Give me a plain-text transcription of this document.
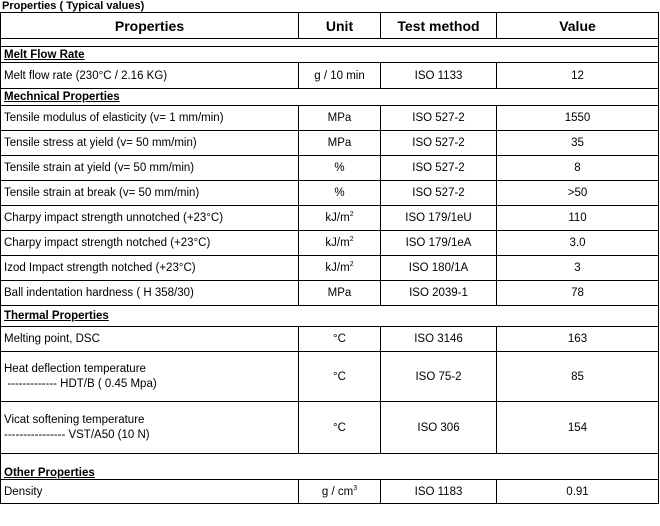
Properties ( Typical values)
Properties	Unit	Test method	Value

Melt Flow Rate			
Melt flow rate (230°C / 2.16 KG)	g / 10 min	ISO 1133	12
Mechnical Properties			
Tensile modulus of elasticity (v= 1 mm/min)	MPa	ISO 527-2	1550
Tensile stress at yield (v= 50 mm/min)	MPa	ISO 527-2	35
Tensile strain at yield (v= 50 mm/min)	%	ISO 527-2	8
Tensile strain at break (v= 50 mm/min)	%	ISO 527-2	>50
Charpy impact strength unnotched (+23°C)	$kJ/m^2$	ISO 179/1eU	110
Charpy impact strength notched (+23°C)	$kJ/m^2$	ISO 179/1eA	3.0
Izod Impact strength notched (+23°C)	$kJ/m^2$	ISO 180/1A	3
Ball indentation hardness ( H 358/30)	MPa	ISO 2039-1	78
Thermal Properties			
Melting point, DSC	°C	ISO 3146	163

Heat deflection temperature
------------- HDT/B ( 0.45 Mpa)	°C	ISO 75-2	85

Vicat softening temperature
---------------- VST/A50 (10 N)	°C	ISO 306	154
Other Properties			
Density	g / $cm^3$	ISO 1183	0.91
